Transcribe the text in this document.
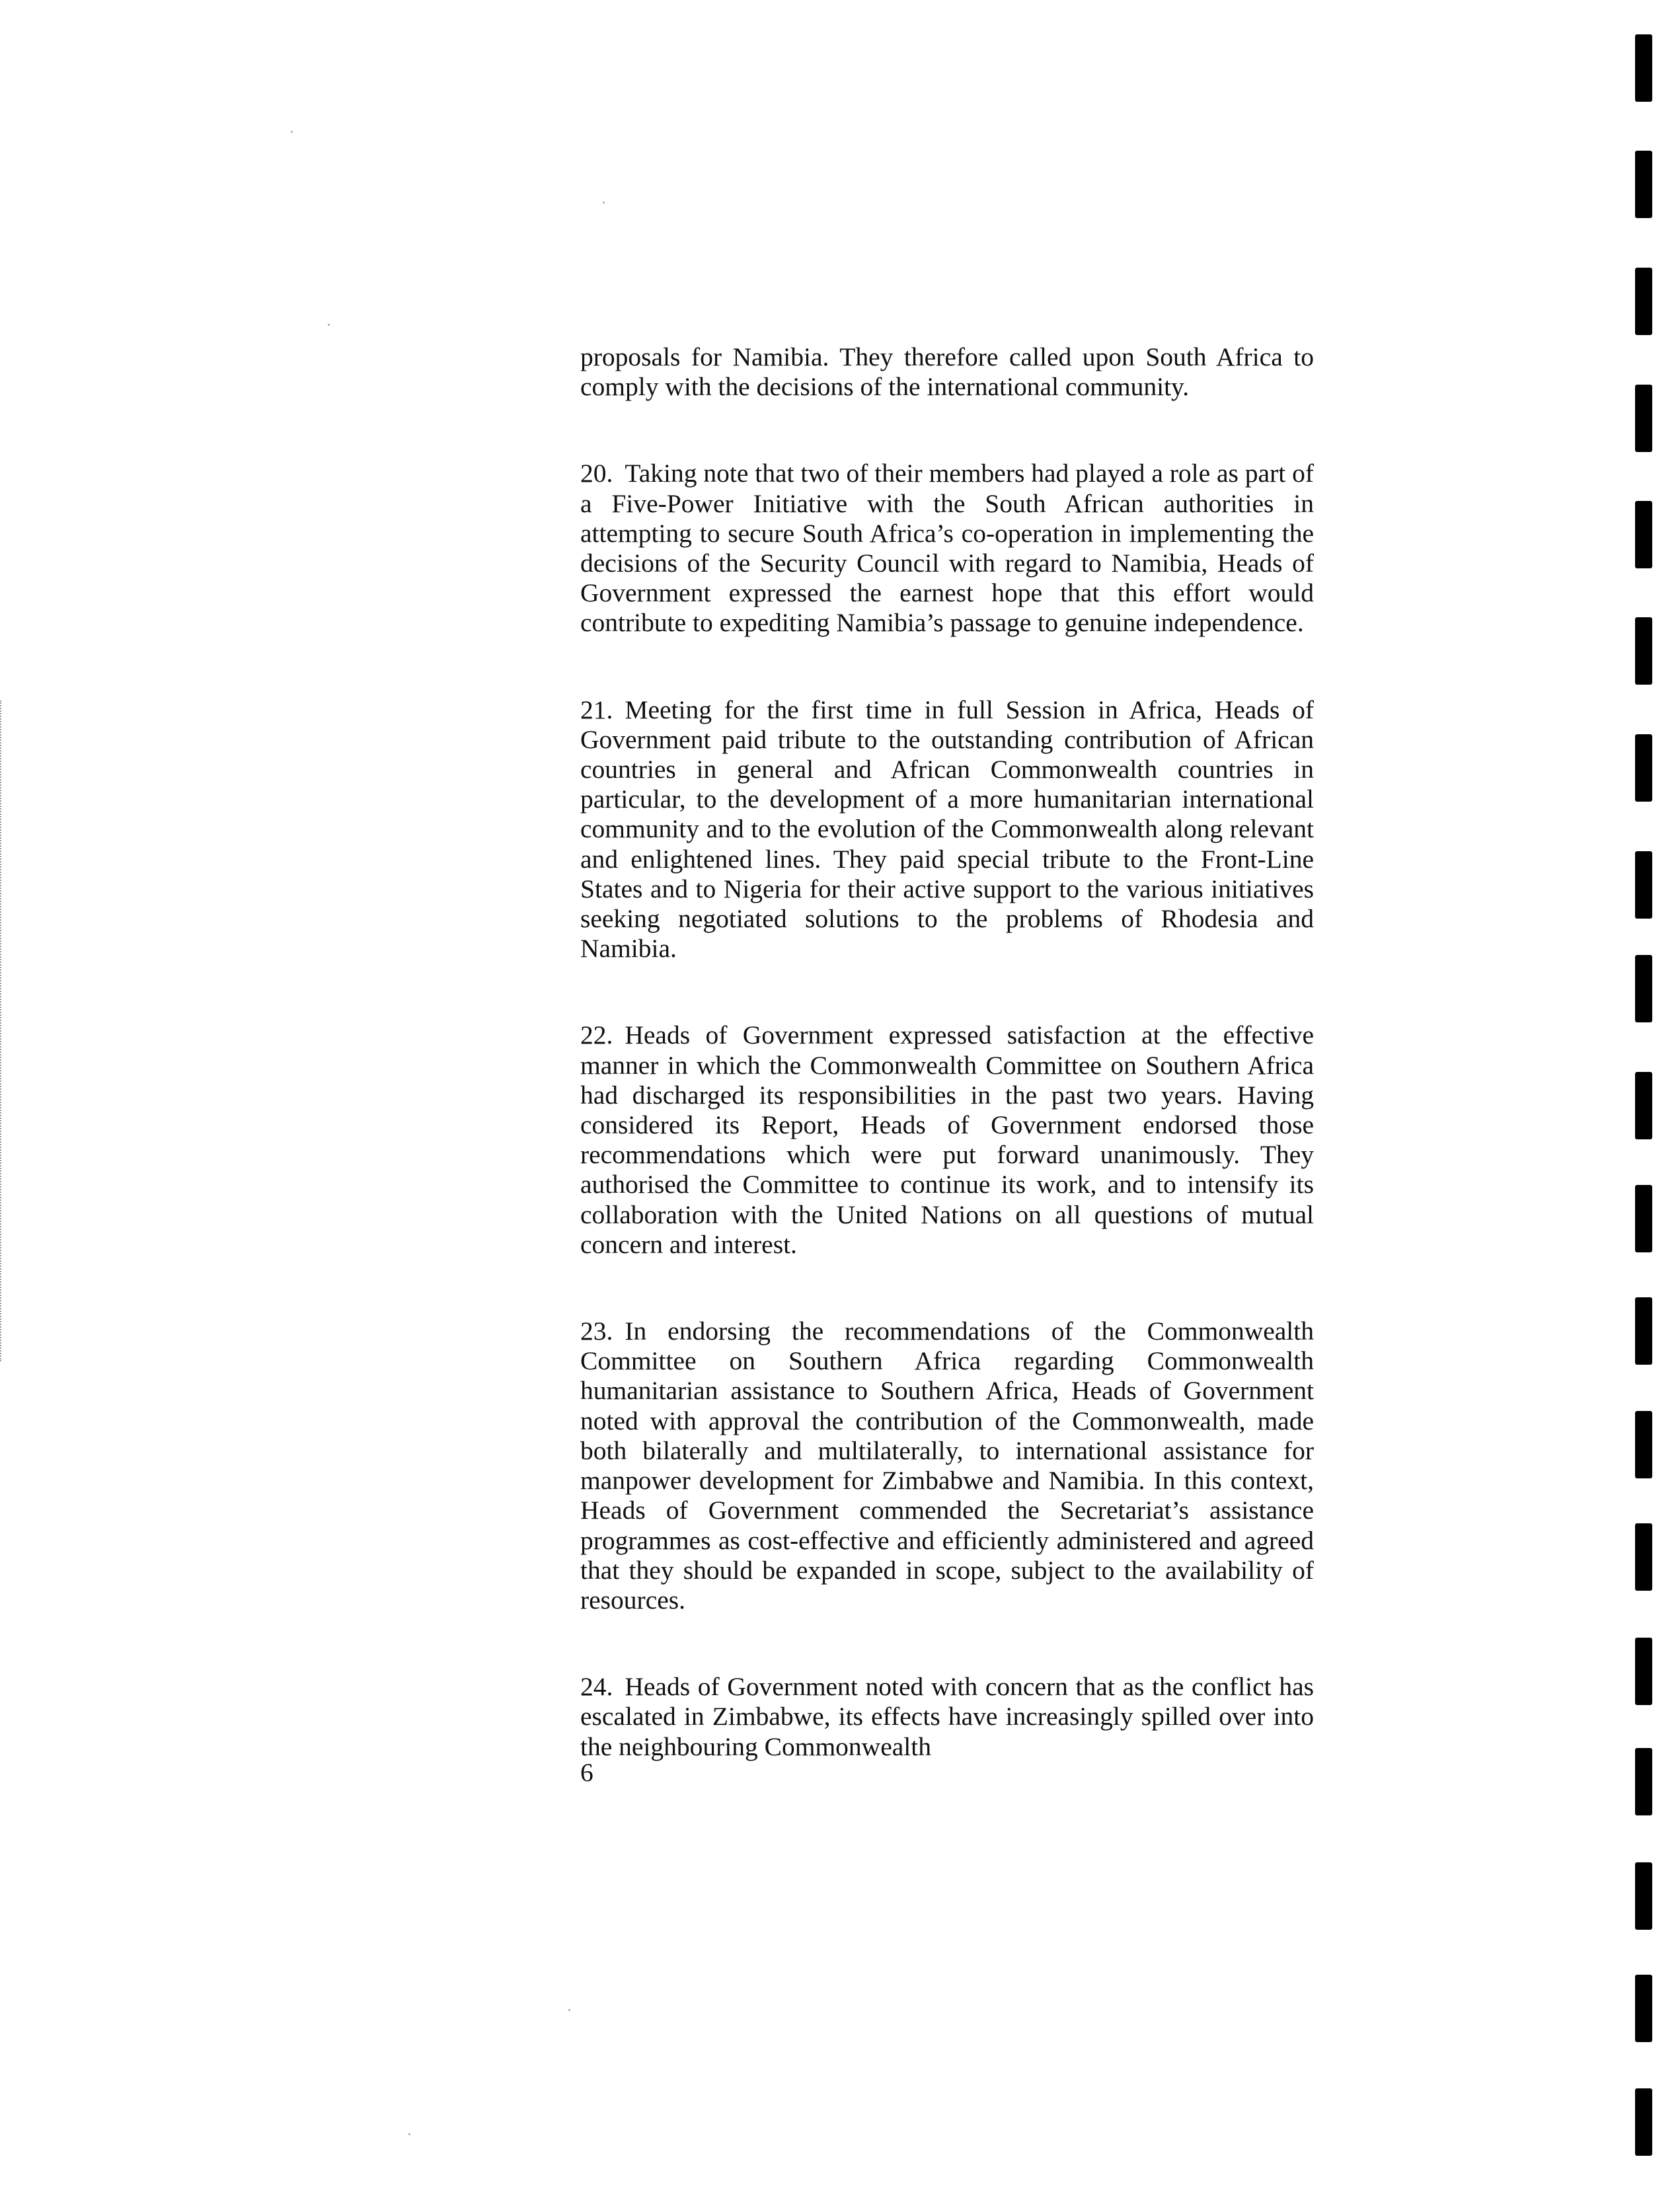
proposals for Namibia. They therefore called upon South Africa to comply with the decisions of the international community.

20. Taking note that two of their members had played a role as part of a Five-Power Initiative with the South African authorities in attempting to secure South Africa’s co-operation in implementing the decisions of the Security Council with regard to Namibia, Heads of Government expressed the earnest hope that this effort would contribute to expediting Namibia’s passage to genuine independence.

21. Meeting for the first time in full Session in Africa, Heads of Government paid tribute to the outstanding contribution of African countries in general and African Commonwealth countries in particular, to the development of a more humanitarian international community and to the evolution of the Commonwealth along relevant and enlightened lines. They paid special tribute to the Front-Line States and to Nigeria for their active support to the various initiatives seeking negotiated solutions to the problems of Rhodesia and Namibia.

22. Heads of Government expressed satisfaction at the effective manner in which the Commonwealth Committee on Southern Africa had discharged its responsibilities in the past two years. Having considered its Report, Heads of Government endorsed those recommendations which were put forward unanimously. They authorised the Committee to continue its work, and to intensify its collaboration with the United Nations on all questions of mutual concern and interest.

23. In endorsing the recommendations of the Commonwealth Committee on Southern Africa regarding Commonwealth humanitarian assistance to Southern Africa, Heads of Government noted with approval the contribution of the Commonwealth, made both bilaterally and multilaterally, to international assistance for manpower development for Zimbabwe and Namibia. In this context, Heads of Government commended the Secretariat’s assistance programmes as cost-effective and efficiently administered and agreed that they should be expanded in scope, subject to the availability of resources.

24. Heads of Government noted with concern that as the conflict has escalated in Zimbabwe, its effects have increasingly spilled over into the neighbouring Commonwealth

6
